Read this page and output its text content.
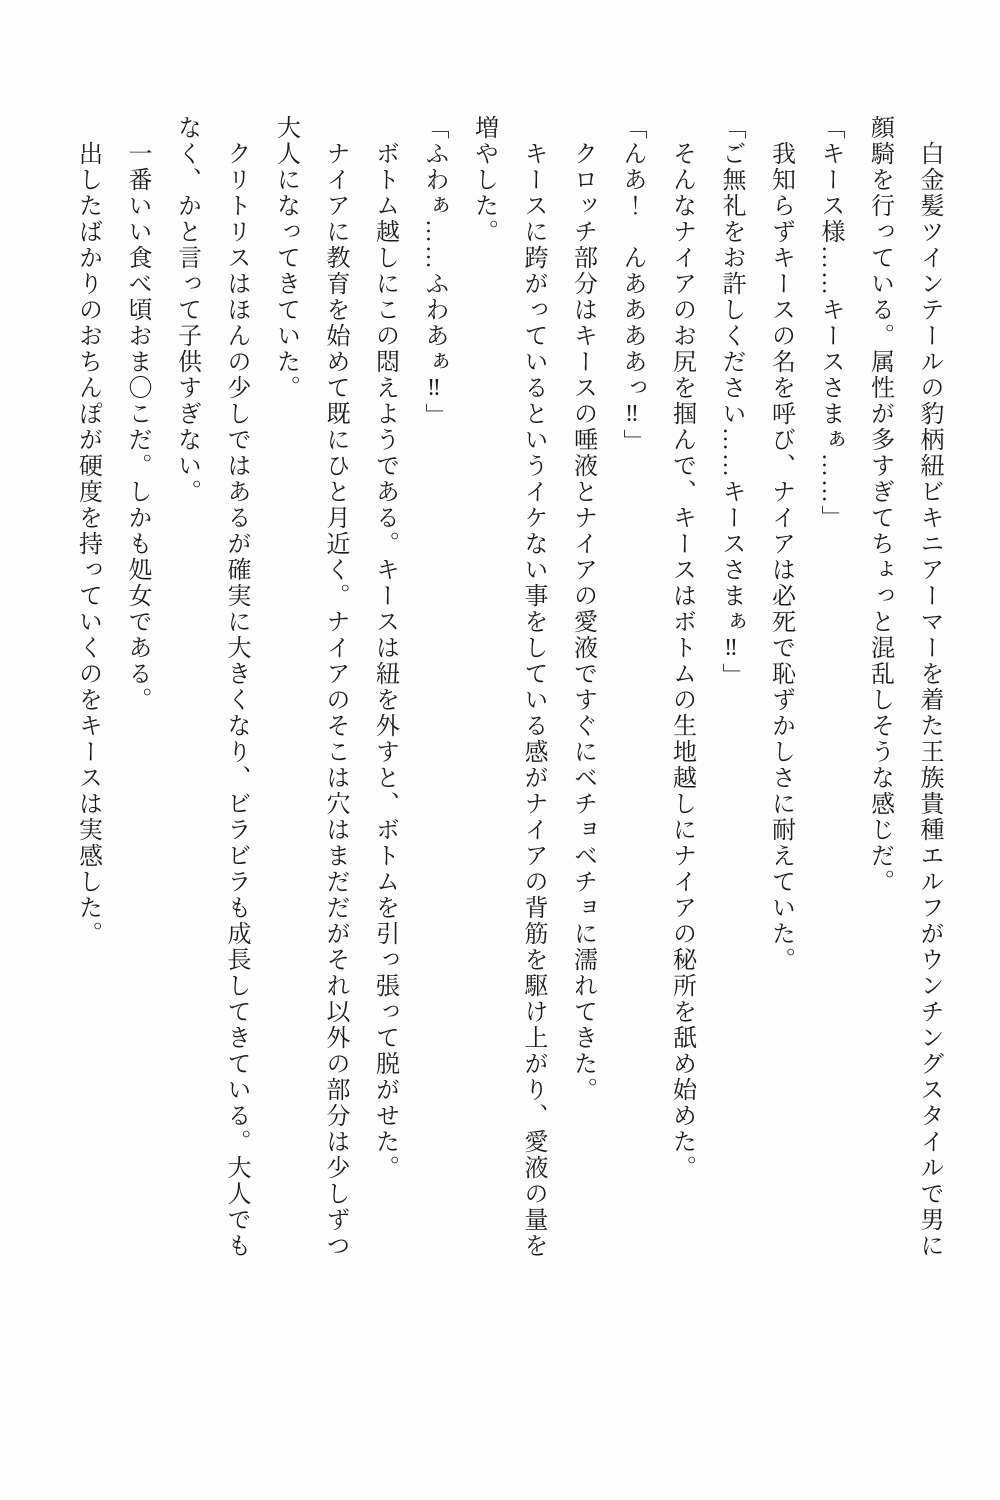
白金髪ツインテールの豹柄紐ビキニアーマーを着た王族貴種エルフがウンチングスタイルで男に顔騎を行っている。属性が多すぎてちょっと混乱しそうな感じだ。

「キース様……キースさまぁ……」

我知らずキースの名を呼び、ナイアは必死で恥ずかしさに耐えていた。

「ご無礼をお許しください……キースさまぁ‼」

そんなナイアのお尻を掴んで、キースはボトムの生地越しにナイアの秘所を舐め始めた。

「んあ！　んああああっ‼」

クロッチ部分はキースの唾液とナイアの愛液ですぐにベチョベチョに濡れてきた。

キースに跨がっているというイケない事をしている感がナイアの背筋を駆け上がり、愛液の量を増やした。

「ふわぁ……ふわあぁ‼」

ボトム越しにこの悶えようである。キースは紐を外すと、ボトムを引っ張って脱がせた。

ナイアに教育を始めて既にひと月近く。ナイアのそこは穴はまだだがそれ以外の部分は少しずつ大人になってきていた。

クリトリスはほんの少しではあるが確実に大きくなり、ビラビラも成長してきている。大人でもなく、かと言って子供すぎない。

一番いい食べ頃おま〇こだ。しかも処女である。

出したばかりのおちんぽが硬度を持っていくのをキースは実感した。
